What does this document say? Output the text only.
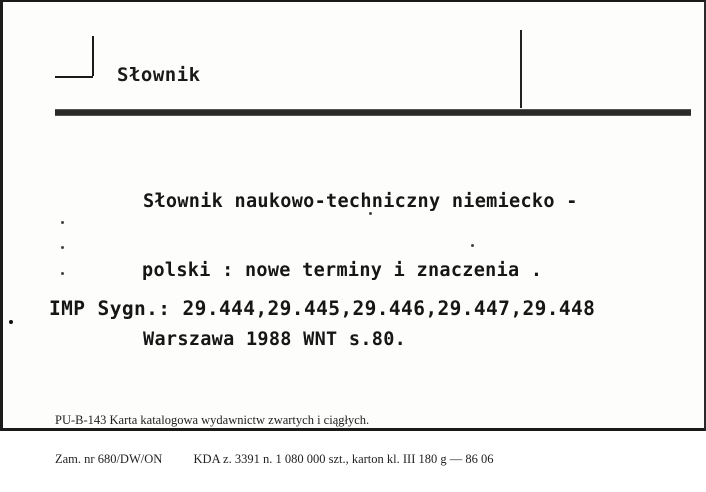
Słownik

Słownik naukowo-techniczny niemiecko -

polski : nowe terminy i znaczenia .

Warszawa 1988 WNT s.80.

IMP Sygn.: 29.444,29.445,29.446,29.447,29.448

PU-B-143 Karta katalogowa wydawnictw zwartych i ciągłych.

Zam. nr 680/DW/ON          KDA z. 3391 n. 1 080 000 szt., karton kl. III 180 g — 86 06
